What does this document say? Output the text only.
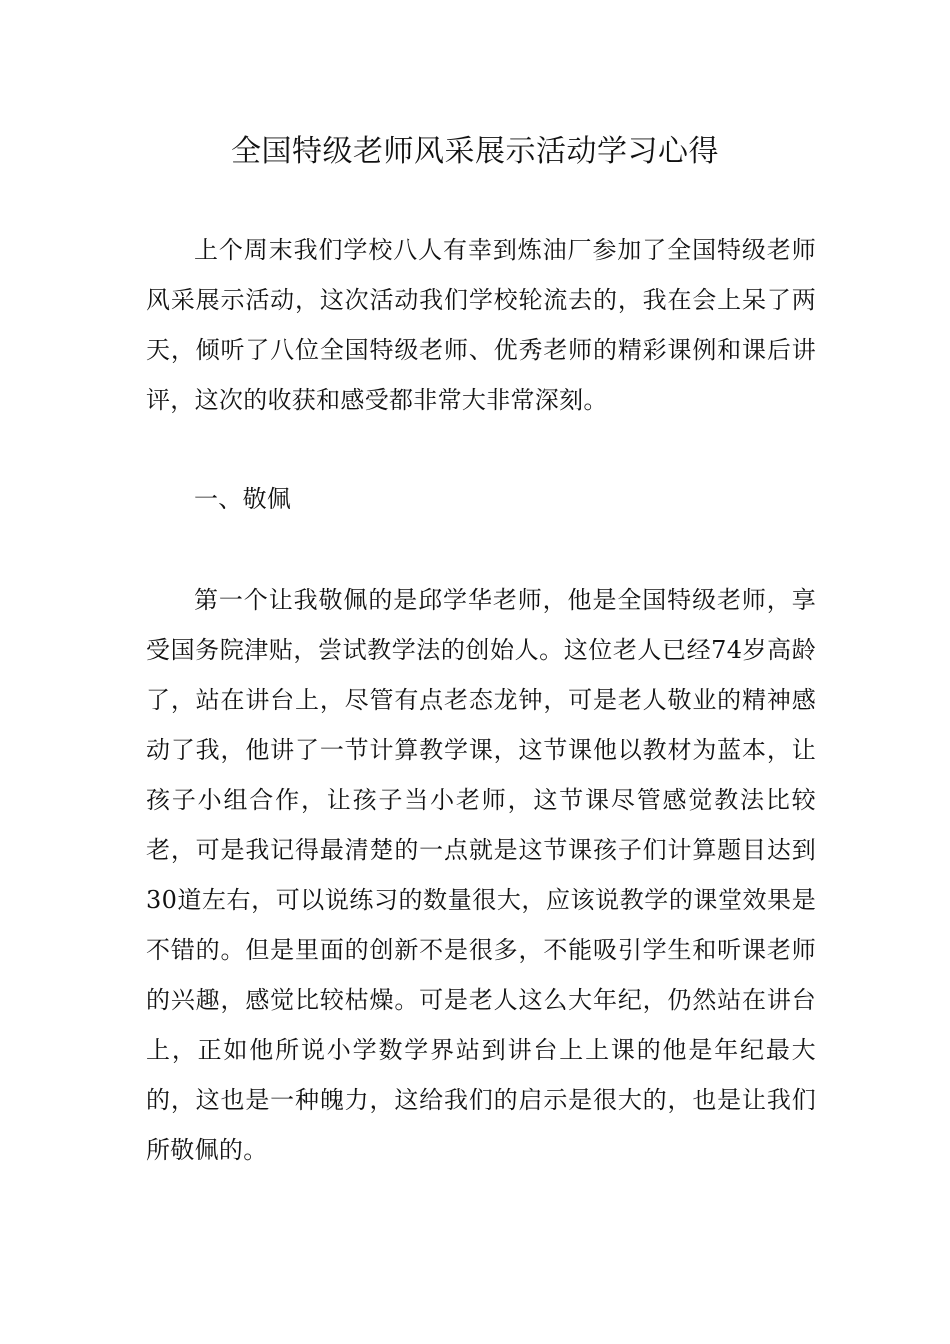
全国特级老师风采展示活动学习心得

上个周末我们学校八人有幸到炼油厂参加了全国特级老师风采展示活动，这次活动我们学校轮流去的，我在会上呆了两天，倾听了八位全国特级老师、优秀老师的精彩课例和课后讲评，这次的收获和感受都非常大非常深刻。

一、敬佩

第一个让我敬佩的是邱学华老师，他是全国特级老师，享受国务院津贴，尝试教学法的创始人。这位老人已经74岁高龄了，站在讲台上，尽管有点老态龙钟，可是老人敬业的精神感动了我，他讲了一节计算教学课，这节课他以教材为蓝本，让孩子小组合作，让孩子当小老师，这节课尽管感觉教法比较老，可是我记得最清楚的一点就是这节课孩子们计算题目达到30道左右，可以说练习的数量很大，应该说教学的课堂效果是不错的。但是里面的创新不是很多，不能吸引学生和听课老师的兴趣，感觉比较枯燥。可是老人这么大年纪，仍然站在讲台上，正如他所说小学数学界站到讲台上上课的他是年纪最大的，这也是一种魄力，这给我们的启示是很大的，也是让我们所敬佩的。
